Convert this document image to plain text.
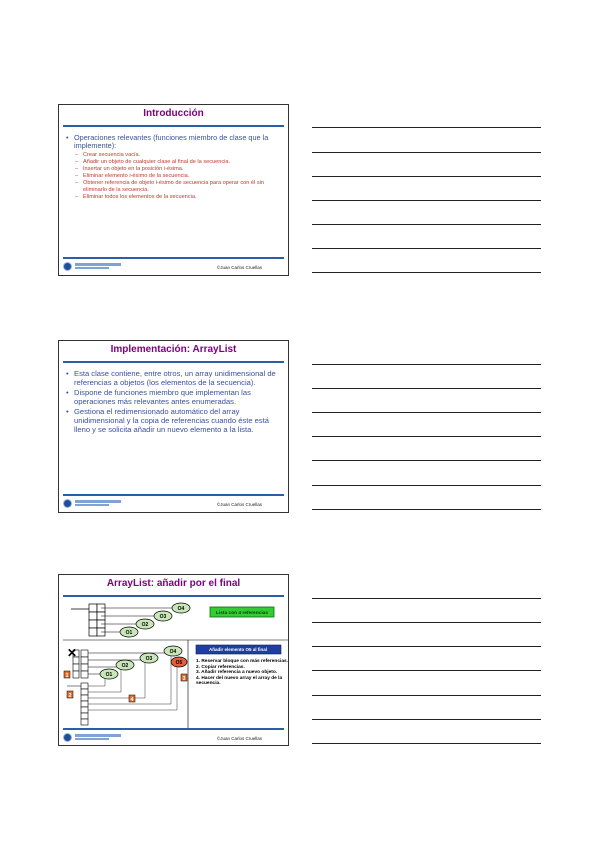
Introducción
• Operaciones relevantes (funciones miembro de clase que la implemente):
– Crear secuencia vacía.
– Añadir un objeto de cualquier clase al final de la secuencia.
– Insertar un objeto en la posición i-ésima.
– Eliminar elemento i-ésimo de la secuencia.
– Obtener referencia de objeto i-ésimo de secuencia para operar con él sin eliminarlo de la secuencia.
– Eliminar todos los elementos de la secuencia.
©Juan Carlos Cruellas
Implementación: ArrayList
• Esta clase contiene, entre otros, un array unidimensional de referencias a objetos (los elementos de la secuencia).
• Dispone de funciones miembro que implementan las operaciones más relevantes antes enumeradas.
• Gestiona el redimensionado automático del array unidimensional y la copia de referencias cuando éste está lleno y se solicita añadir un nuevo elemento a la lista.
©Juan Carlos Cruellas
ArrayList: añadir por el final
O1
O2
O3
O4
Lista con 4 referencias
✕
O1
O2
O3
O4
O5
1
2
3
4
Añadir elemento O5 al final
1. Reservar bloque con más referencias.
2. Copiar referencias.
3. Añadir referencia a nuevo objeto.
4. Hacer del nuevo array el array de la secuencia.
©Juan Carlos Cruellas
